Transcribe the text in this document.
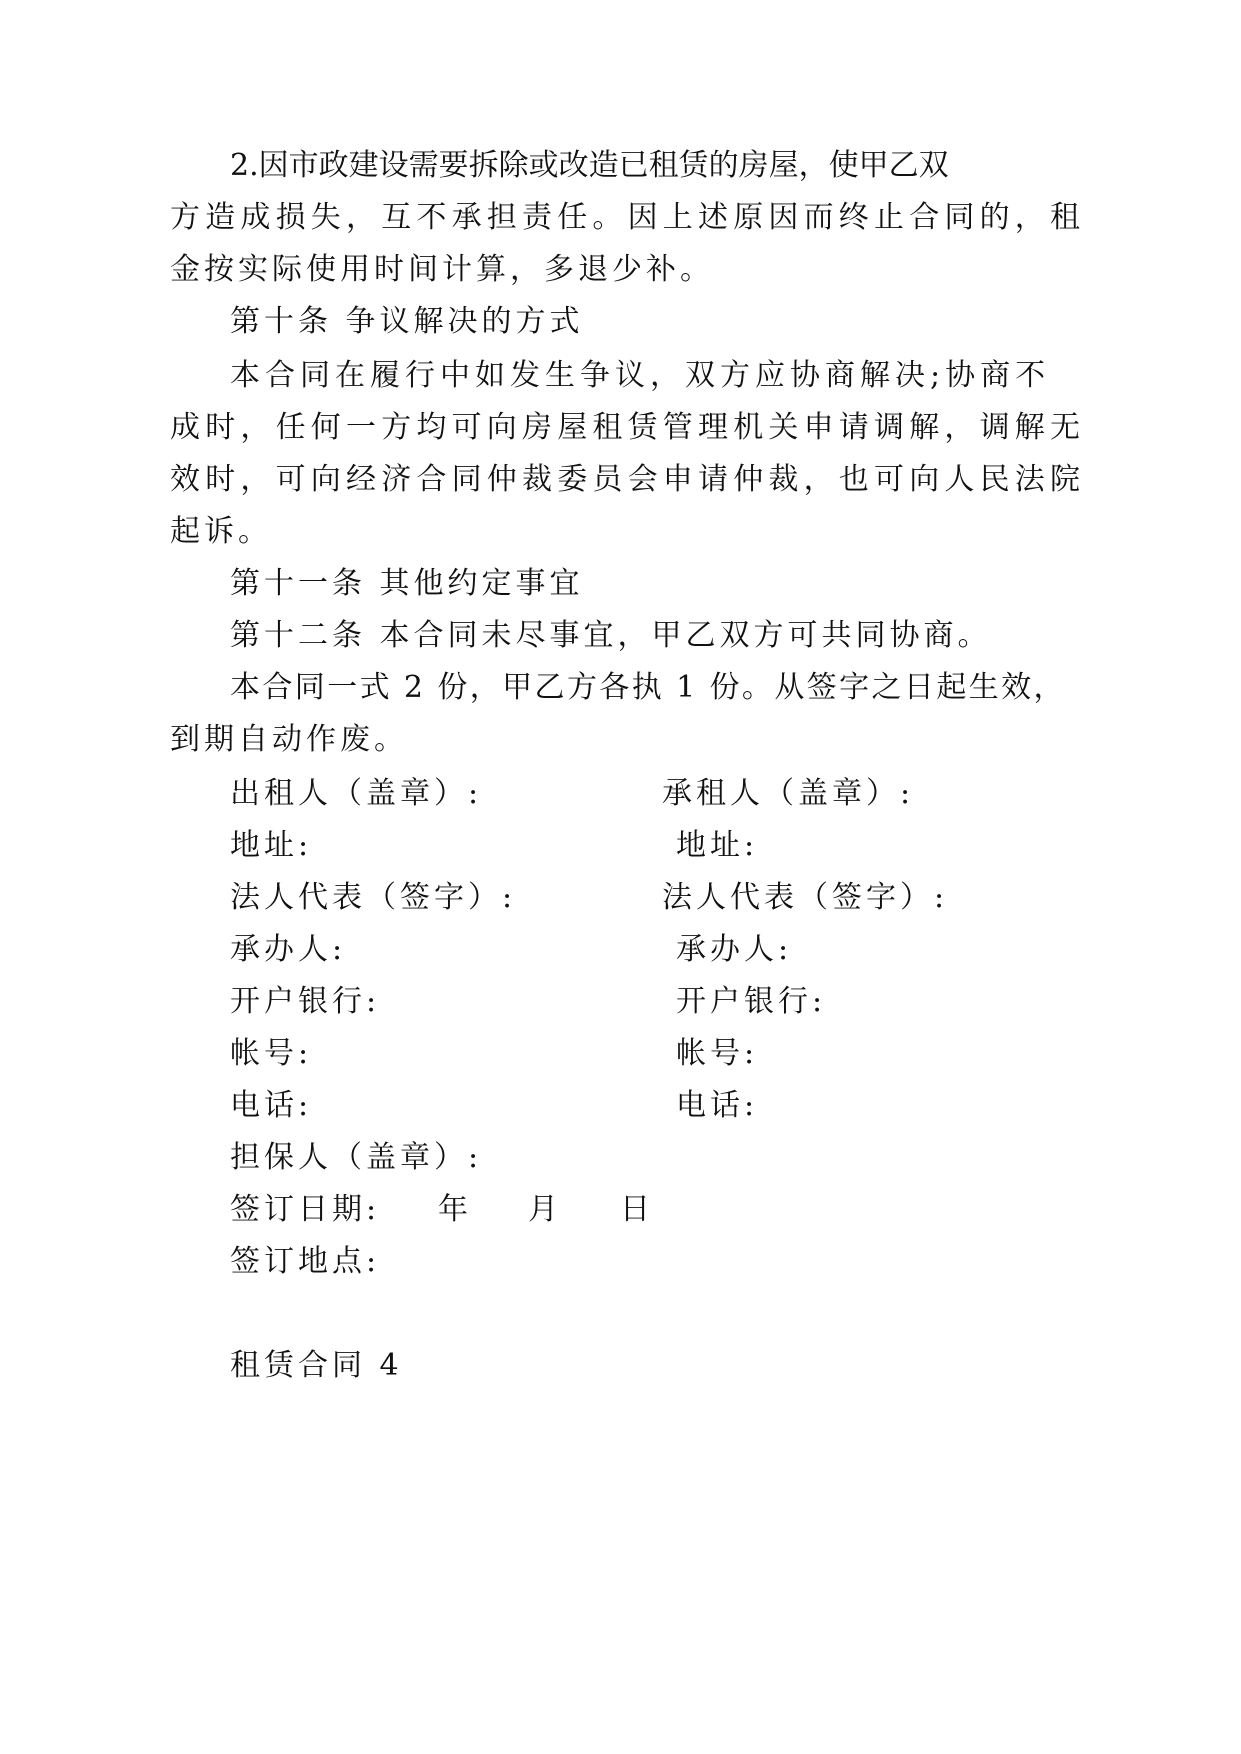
2.因市政建设需要拆除或改造已租赁的房屋，使甲乙双
方造成损失，互不承担责任。因上述原因而终止合同的，租
金按实际使用时间计算，多退少补。
第十条 争议解决的方式
本合同在履行中如发生争议，双方应协商解决;协商不
成时，任何一方均可向房屋租赁管理机关申请调解，调解无
效时，可向经济合同仲裁委员会申请仲裁，也可向人民法院
起诉。
第十一条 其他约定事宜
第十二条 本合同未尽事宜，甲乙双方可共同协商。
本合同一式 2 份，甲乙方各执 1 份。从签字之日起生效，
到期自动作废。
出租人（盖章）:	承租人（盖章）:
地址:	地址:
法人代表（签字）:	法人代表（签字）:
承办人:	承办人:
开户银行:	开户银行:
帐号:	帐号:
电话:	电话:
担保人（盖章）:
签订日期: 年 月 日
签订地点:
租赁合同 4
